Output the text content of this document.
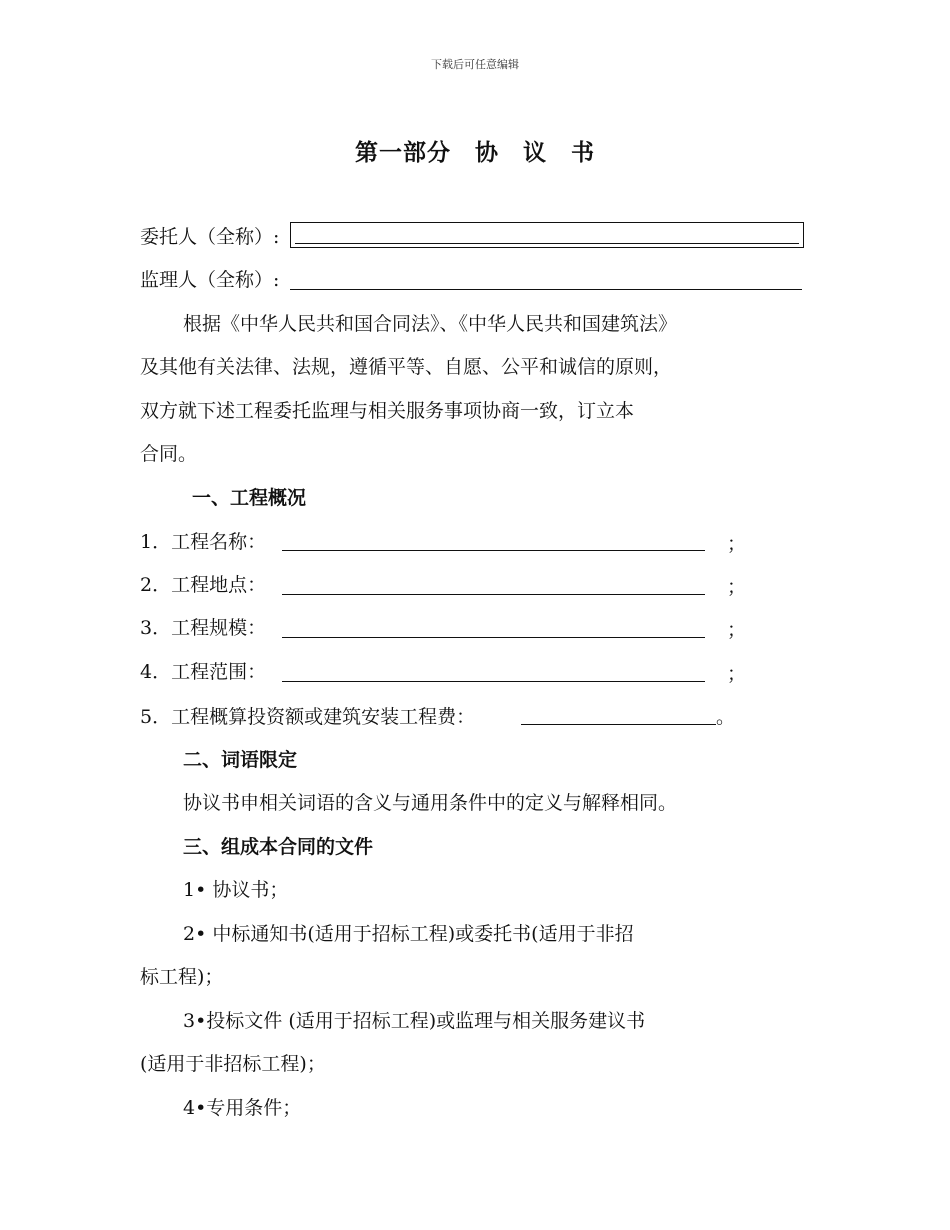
下载后可任意编辑
第一部分　协　议　书
委托人（全称）:
监理人（全称）:
根据《中华人民共和国合同法》、《中华人民共和国建筑法》
及其他有关法律、法规，遵循平等、自愿、公平和诚信的原则，
双方就下述工程委托监理与相关服务事项协商一致，订立本
合同。
一、工程概况
1．工程名称：	；
2．工程地点：	；
3．工程规模：	；
4．工程范围：	；
5．工程概算投资额或建筑安装工程费：	。
二、词语限定
协议书申相关词语的含义与通用条件中的定义与解释相同。
三、组成本合同的文件
1• 协议书；
2• 中标通知书(适用于招标工程)或委托书(适用于非招
标工程)；
3•投标文件 (适用于招标工程)或监理与相关服务建议书
(适用于非招标工程)；
4•专用条件；
